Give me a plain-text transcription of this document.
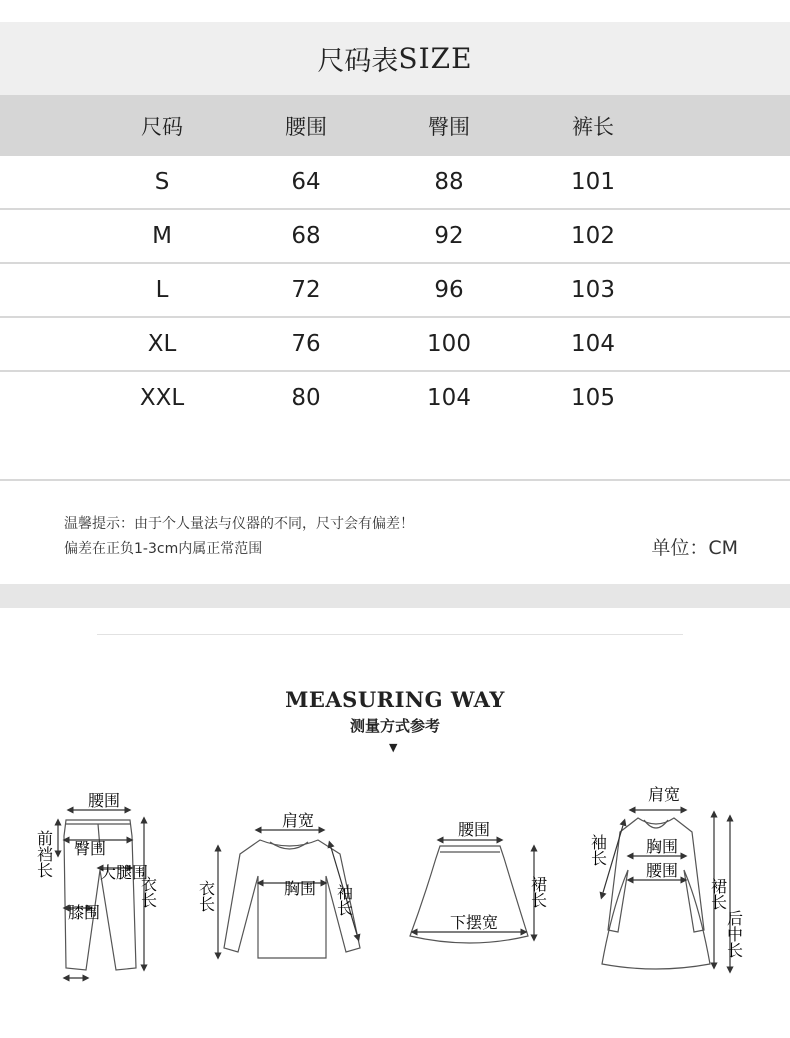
尺码表 SIZE
尺码	腰围	臀围	裤长
S	64	88	101
M	68	92	102
L	72	96	103
XL	76	100	104
XXL	80	104	105
温馨提示：由于个人量法与仪器的不同，尺寸会有偏差！
偏差在正负1-3cm内属正常范围	单位：CM
MEASURING WAY
测量方式参考
▼
腰围
前裆长 臀围
大腿围
衣长
膝围
肩宽
胸围
衣长	袖长
腰围
裙长
下摆宽
肩宽
袖长 胸围
腰围
裙长
后中长
